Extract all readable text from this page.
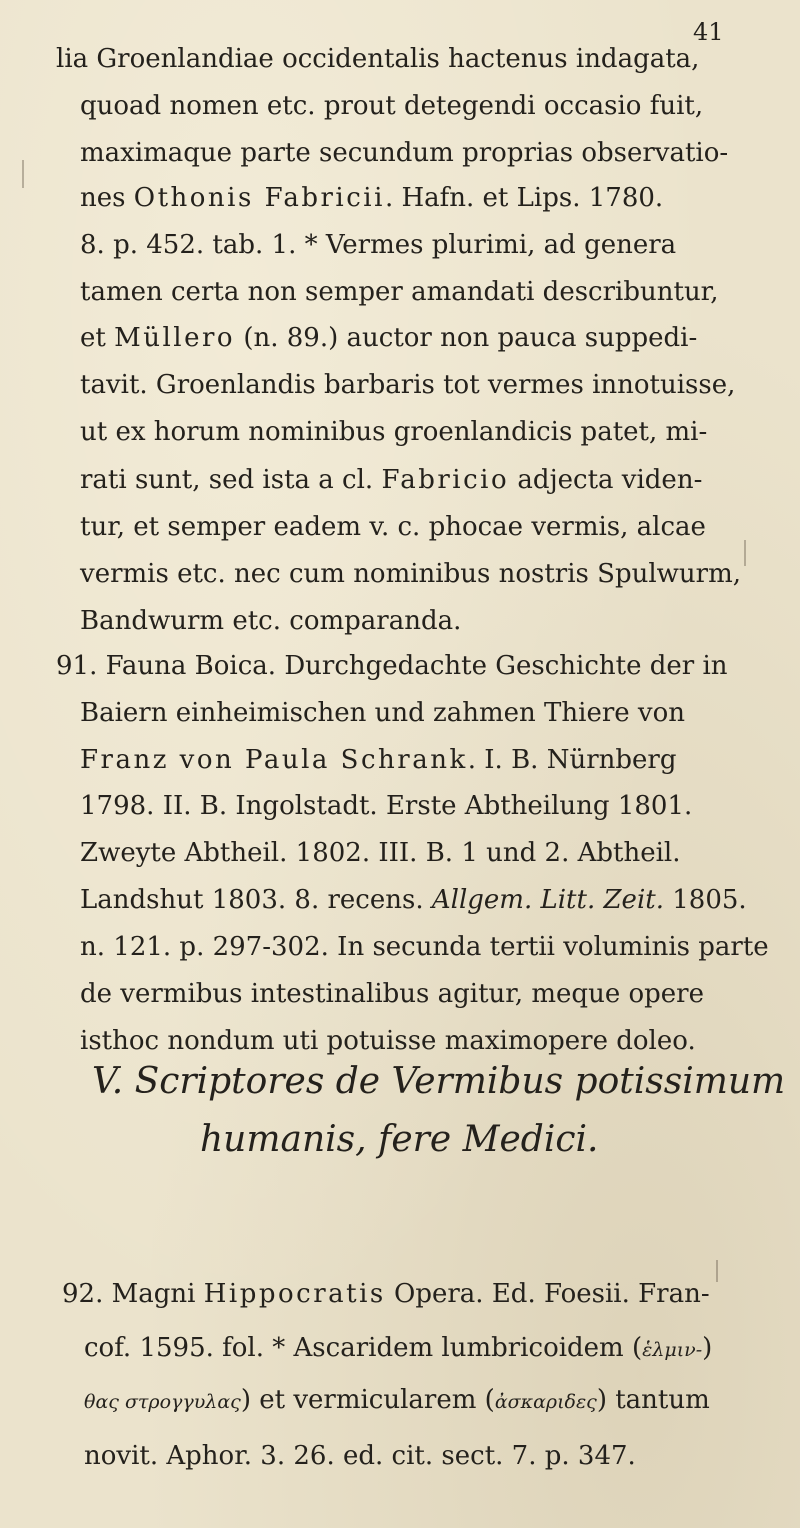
41
lia Groenlandiae occidentalis hactenus indagata,
quoad nomen etc. prout detegendi occasio fuit,
maximaque parte secundum proprias observatio-
nes Othonis Fabricii. Hafn. et Lips. 1780.
8. p. 452. tab. 1. * Vermes plurimi, ad genera
tamen certa non semper amandati describuntur,
et Müllero (n. 89.) auctor non pauca suppedi-
tavit. Groenlandis barbaris tot vermes innotuisse,
ut ex horum nominibus groenlandicis patet, mi-
rati sunt, sed ista a cl. Fabricio adjecta viden-
tur, et semper eadem v. c. phocae vermis, alcae
vermis etc. nec cum nominibus nostris Spulwurm,
Bandwurm etc. comparanda.
91. Fauna Boica. Durchgedachte Geschichte der in
Baiern einheimischen und zahmen Thiere von
Franz von Paula Schrank. I. B. Nürnberg
1798. II. B. Ingolstadt. Erste Abtheilung 1801.
Zweyte Abtheil. 1802. III. B. 1 und 2. Abtheil.
Landshut 1803. 8. recens. Allgem. Litt. Zeit. 1805.
n. 121. p. 297-302. In secunda tertii voluminis parte
de vermibus intestinalibus agitur, meque opere
isthoc nondum uti potuisse maximopere doleo.
V. Scriptores de Vermibus potissimum
humanis, fere Medici.
92. Magni Hippocratis Opera. Ed. Foesii. Fran-
cof. 1595. fol. * Ascaridem lumbricoidem (ἑλμιν-)
θας στρογγυλας) et vermicularem (ἀσκαριδες) tantum
novit. Aphor. 3. 26. ed. cit. sect. 7. p. 347.
